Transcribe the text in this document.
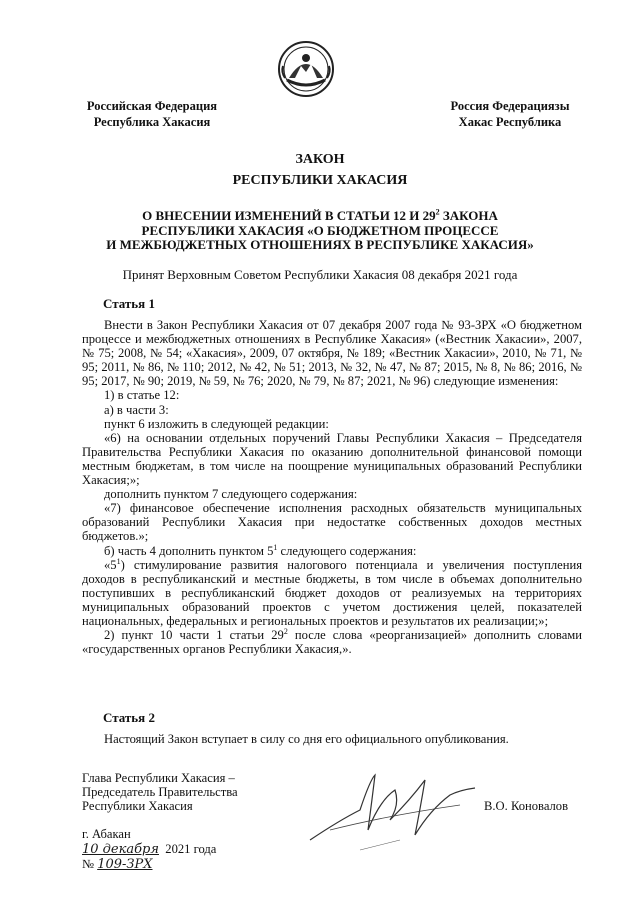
Российская Федерация
Республика Хакасия
Россия Федерациязы
Хакас Республика
ЗАКОН
РЕСПУБЛИКИ ХАКАСИЯ
О ВНЕСЕНИИ ИЗМЕНЕНИЙ В СТАТЬИ 12 И $29^2$ ЗАКОНА
РЕСПУБЛИКИ ХАКАСИЯ «О БЮДЖЕТНОМ ПРОЦЕССЕ
И МЕЖБЮДЖЕТНЫХ ОТНОШЕНИЯХ В РЕСПУБЛИКЕ ХАКАСИЯ»
Принят Верховным Советом Республики Хакасия 08 декабря 2021 года
Статья 1

Внести в Закон Республики Хакасия от 07 декабря 2007 года № 93-ЗРХ «О бюджетном процессе и межбюджетных отношениях в Республике Хакасия» («Вестник Хакасии», 2007, № 75; 2008, № 54; «Хакасия», 2009, 07 октября, № 189; «Вестник Хакасии», 2010, № 71, № 95; 2011, № 86, № 110; 2012, № 42, № 51; 2013, № 32, № 47, № 87; 2015, № 8, № 86; 2016, № 95; 2017, № 90; 2019, № 59, № 76; 2020, № 79, № 87; 2021, № 96) следующие изменения:

1) в статье 12:

а) в части 3:

пункт 6 изложить в следующей редакции:

«6) на основании отдельных поручений Главы Республики Хакасия – Председателя Правительства Республики Хакасия по оказанию дополнительной финансовой помощи местным бюджетам, в том числе на поощрение муниципальных образований Республики Хакасия;»;

дополнить пунктом 7 следующего содержания:

«7) финансовое обеспечение исполнения расходных обязательств муниципальных образований Республики Хакасия при недостатке собственных доходов местных бюджетов.»;

б) часть 4 дополнить пунктом $5^1$ следующего содержания:

«$5^1$) стимулирование развития налогового потенциала и увеличения поступления доходов в республиканский и местные бюджеты, в том числе в объемах дополнительно поступивших в республиканский бюджет доходов от реализуемых на территориях муниципальных образований проектов с учетом достижения целей, показателей национальных, федеральных и региональных проектов и результатов их реализации;»;

2) пункт 10 части 1 статьи $29^2$ после слова «реорганизацией» дополнить словами «государственных органов Республики Хакасия,».

Статья 2

Настоящий Закон вступает в силу со дня его официального опубликования.

Глава Республики Хакасия –
Председатель Правительства
Республики Хакасия	В.О. Коновалов
г. Абакан
10 декабря 2021 года
№ 109-ЗРХ
